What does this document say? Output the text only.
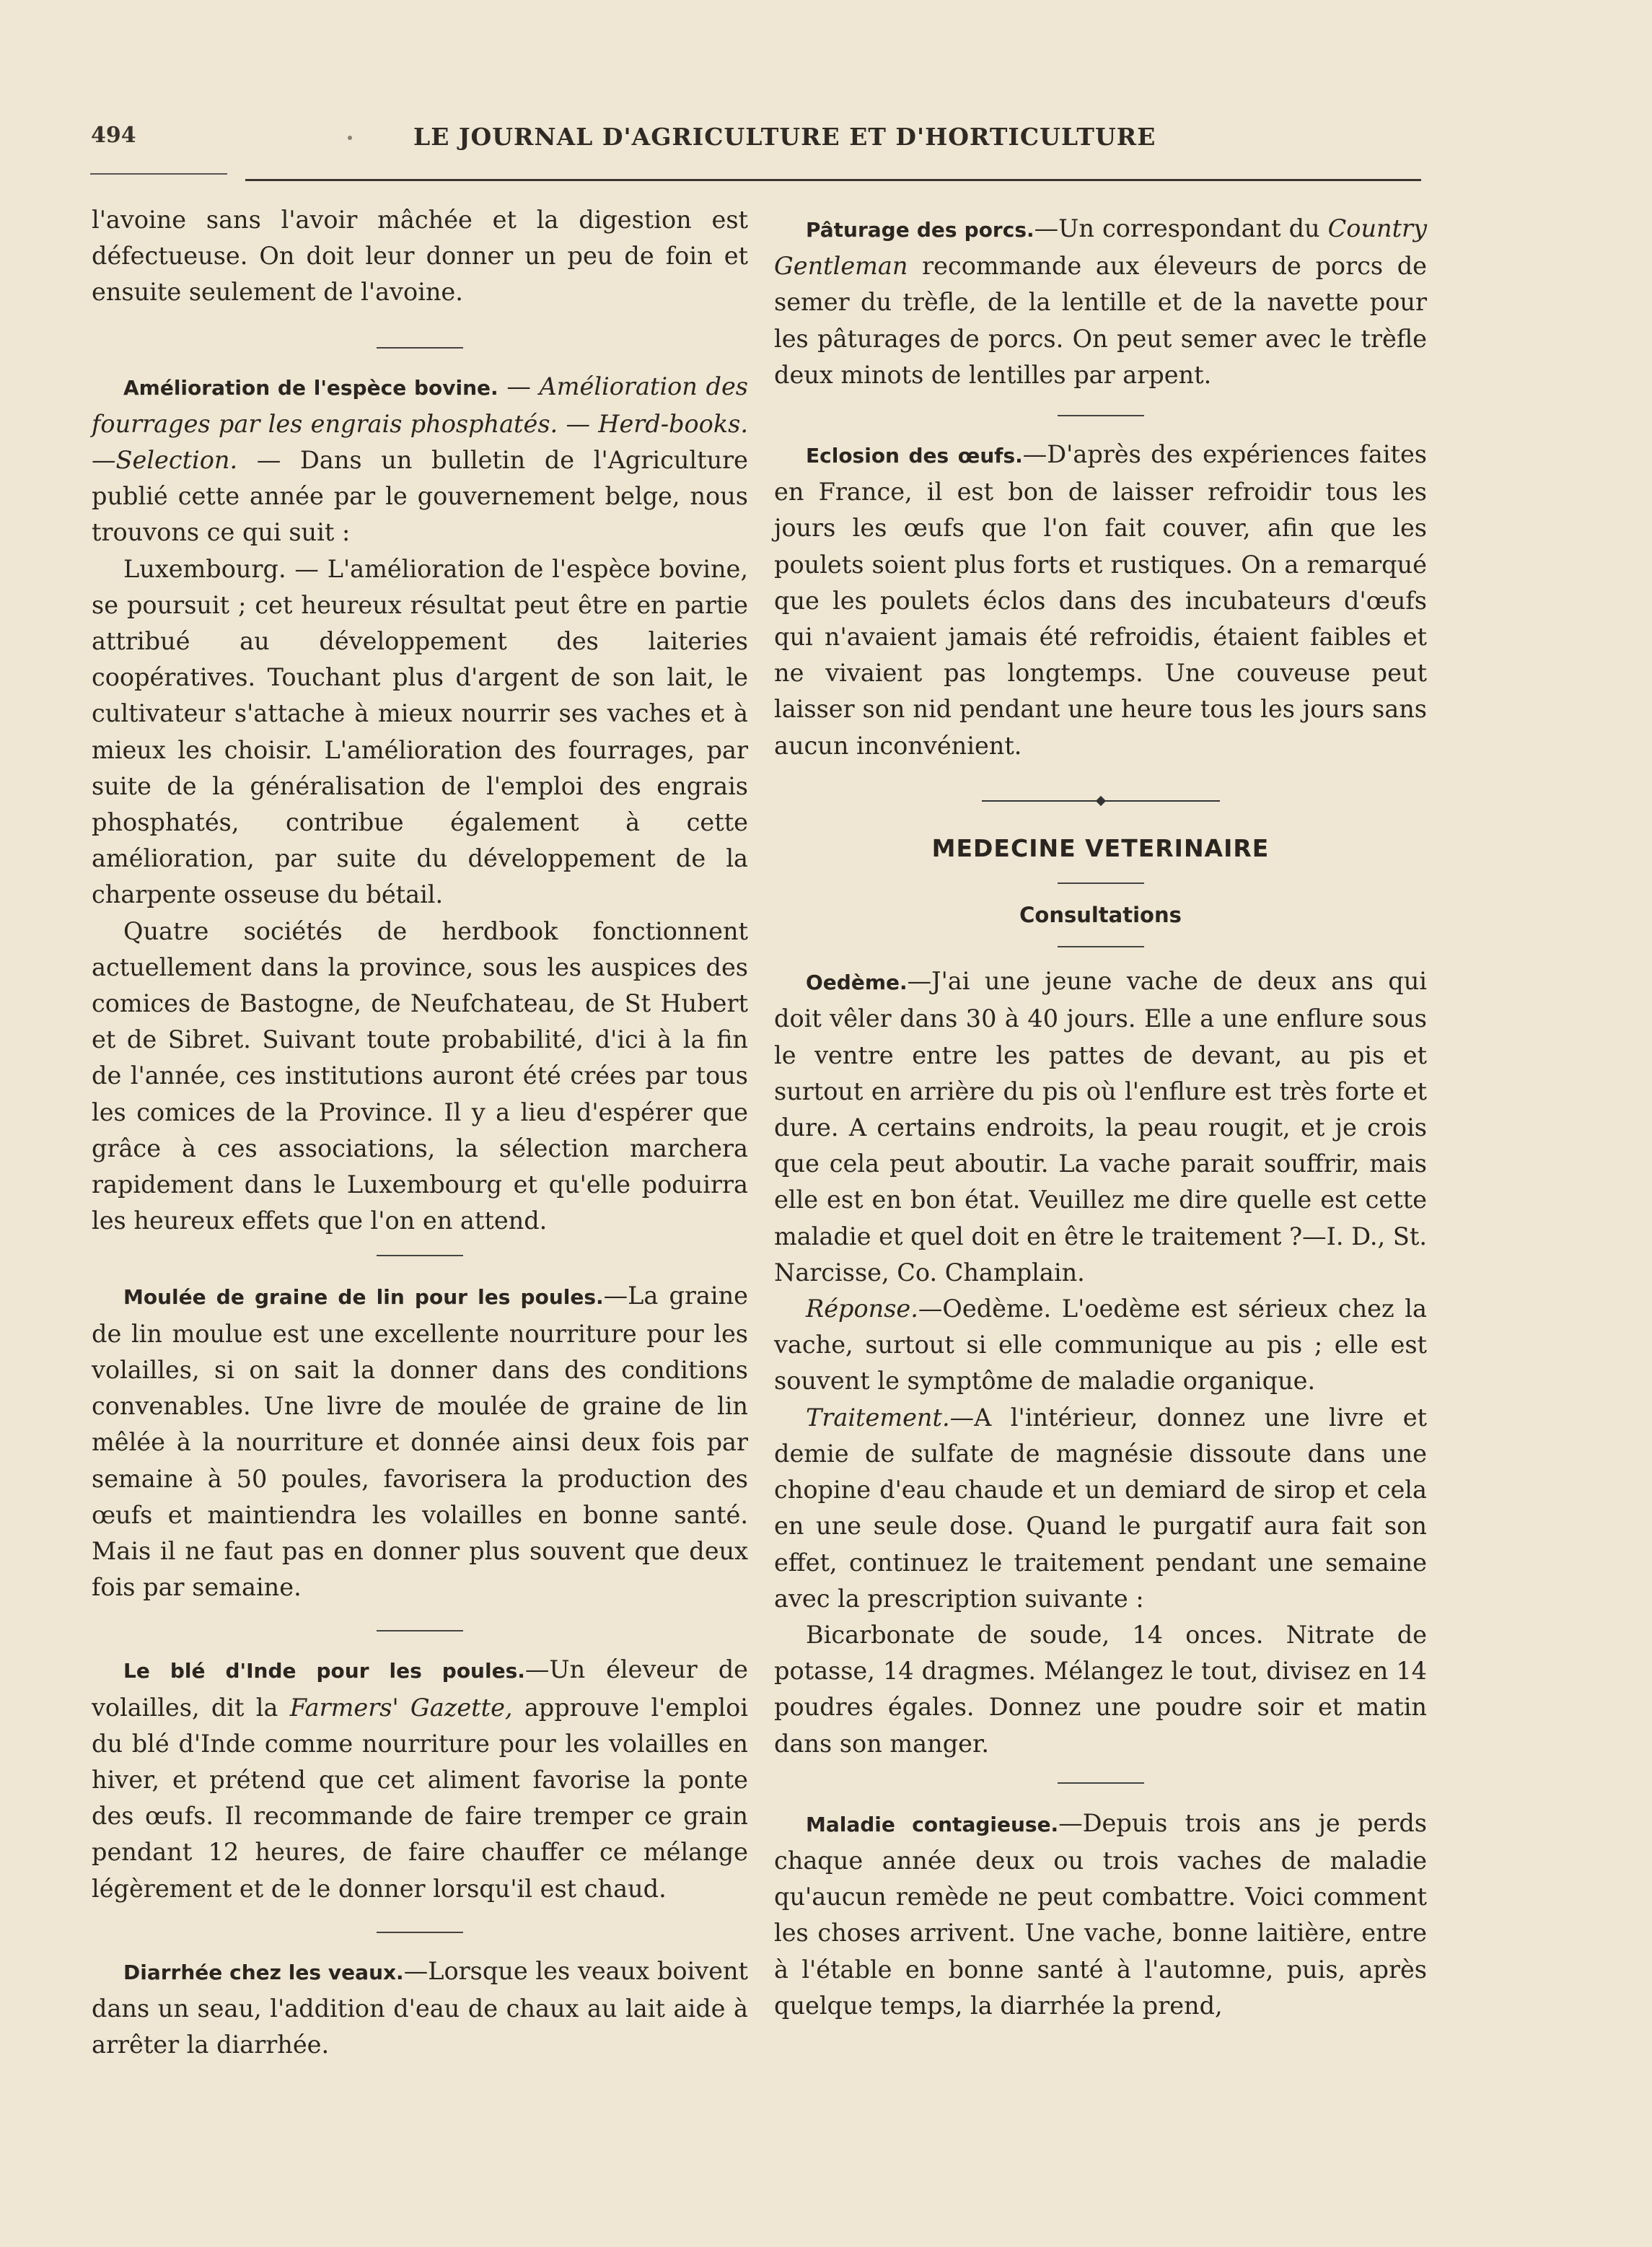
494	LE JOURNAL D'AGRICULTURE ET D'HORTICULTURE

l'avoine sans l'avoir mâchée et la digestion est défectueuse. On doit leur donner un peu de foin et ensuite seulement de l'avoine.

Amélioration de l'espèce bovine. — Amélioration des fourrages par les engrais phosphatés. — Herd-books.—Selection. — Dans un bulletin de l'Agriculture publié cette année par le gouvernement belge, nous trouvons ce qui suit :

Luxembourg. — L'amélioration de l'espèce bovine, se poursuit ; cet heureux résultat peut être en partie attribué au développement des laiteries coopératives. Touchant plus d'argent de son lait, le cultivateur s'attache à mieux nourrir ses vaches et à mieux les choisir. L'amélioration des fourrages, par suite de la généralisation de l'emploi des engrais phosphatés, contribue également à cette amélioration, par suite du développement de la charpente osseuse du bétail.

Quatre sociétés de herdbook fonctionnent actuellement dans la province, sous les auspices des comices de Bastogne, de Neufchateau, de St Hubert et de Sibret. Suivant toute probabilité, d'ici à la fin de l'année, ces institutions auront été crées par tous les comices de la Province. Il y a lieu d'espérer que grâce à ces associations, la sélection marchera rapidement dans le Luxembourg et qu'elle poduirra les heureux effets que l'on en attend.

Moulée de graine de lin pour les poules.—La graine de lin moulue est une excellente nourriture pour les volailles, si on sait la donner dans des conditions convenables. Une livre de moulée de graine de lin mêlée à la nourriture et donnée ainsi deux fois par semaine à 50 poules, favorisera la production des œufs et maintiendra les volailles en bonne santé. Mais il ne faut pas en donner plus souvent que deux fois par semaine.

Le blé d'Inde pour les poules.—Un éleveur de volailles, dit la Farmers' Gazette, approuve l'emploi du blé d'Inde comme nourriture pour les volailles en hiver, et prétend que cet aliment favorise la ponte des œufs. Il recommande de faire tremper ce grain pendant 12 heures, de faire chauffer ce mélange légèrement et de le donner lorsqu'il est chaud.

Diarrhée chez les veaux.—Lorsque les veaux boivent dans un seau, l'addition d'eau de chaux au lait aide à arrêter la diarrhée.

Pâturage des porcs.—Un correspondant du Country Gentleman recommande aux éleveurs de porcs de semer du trèfle, de la lentille et de la navette pour les pâturages de porcs. On peut semer avec le trèfle deux minots de lentilles par arpent.

Eclosion des œufs.—D'après des expériences faites en France, il est bon de laisser refroidir tous les jours les œufs que l'on fait couver, afin que les poulets soient plus forts et rustiques. On a remarqué que les poulets éclos dans des incubateurs d'œufs qui n'avaient jamais été refroidis, étaient faibles et ne vivaient pas longtemps. Une couveuse peut laisser son nid pendant une heure tous les jours sans aucun inconvénient.

MEDECINE VETERINAIRE

Consultations

Oedème.—J'ai une jeune vache de deux ans qui doit vêler dans 30 à 40 jours. Elle a une enflure sous le ventre entre les pattes de devant, au pis et surtout en arrière du pis où l'enflure est très forte et dure. A certains endroits, la peau rougit, et je crois que cela peut aboutir. La vache parait souffrir, mais elle est en bon état. Veuillez me dire quelle est cette maladie et quel doit en être le traitement ?—I. D., St. Narcisse, Co. Champlain.

Réponse.—Oedème. L'oedème est sérieux chez la vache, surtout si elle communique au pis ; elle est souvent le symptôme de maladie organique.

Traitement.—A l'intérieur, donnez une livre et demie de sulfate de magnésie dissoute dans une chopine d'eau chaude et un demiard de sirop et cela en une seule dose. Quand le purgatif aura fait son effet, continuez le traitement pendant une semaine avec la prescription suivante :

Bicarbonate de soude, 14 onces. Nitrate de potasse, 14 dragmes. Mélangez le tout, divisez en 14 poudres égales. Donnez une poudre soir et matin dans son manger.

Maladie contagieuse.—Depuis trois ans je perds chaque année deux ou trois vaches de maladie qu'aucun remède ne peut combattre. Voici comment les choses arrivent. Une vache, bonne laitière, entre à l'étable en bonne santé à l'automne, puis, après quelque temps, la diarrhée la prend,
